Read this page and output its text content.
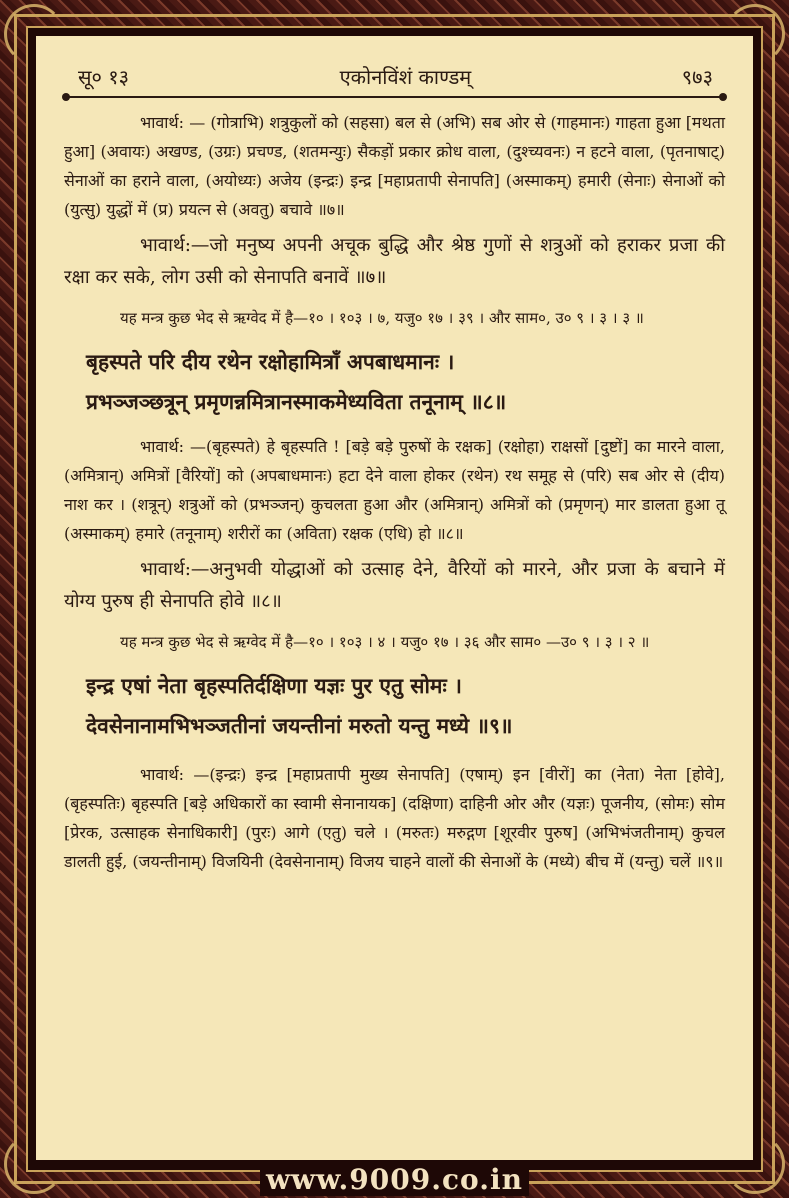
सू० १३	एकोनविंशं काण्डम्	९७३

भावार्थ: — (गोत्राभि) शत्रुकुलों को (सहसा) बल से (अभि) सब ओर से (गाहमानः) गाहता हुआ [मथता हुआ] (अवायः) अखण्ड, (उग्रः) प्रचण्ड, (शतमन्युः) सैकड़ों प्रकार क्रोध वाला, (दुश्च्यवनः) न हटने वाला, (पृतनाषाट्) सेनाओं का हराने वाला, (अयोध्यः) अजेय (इन्द्रः) इन्द्र [महाप्रतापी सेनापति] (अस्माकम्) हमारी (सेनाः) सेनाओं को (युत्सु) युद्धों में (प्र) प्रयत्न से (अवतु) बचावे ॥७॥

भावार्थ:—जो मनुष्य अपनी अचूक बुद्धि और श्रेष्ठ गुणों से शत्रुओं को हराकर प्रजा की रक्षा कर सके, लोग उसी को सेनापति बनावें ॥७॥

यह मन्त्र कुछ भेद से ऋग्वेद में है—१० । १०३ । ७, यजु० १७ । ३९ । और साम०, उ० ९ । ३ । ३ ॥

बृहस्पते परि दीय रथेन रक्षोहामित्राँ अपबाधमानः ।

प्रभञ्जञ्छत्रून् प्रमृणन्नमित्रानस्माकमेध्यविता तनूनाम् ॥८॥

भावार्थ: —(बृहस्पते) हे बृहस्पति ! [बड़े बड़े पुरुषों के रक्षक] (रक्षोहा) राक्षसों [दुष्टों] का मारने वाला, (अमित्रान्) अमित्रों [वैरियों] को (अपबाधमानः) हटा देने वाला होकर (रथेन) रथ समूह से (परि) सब ओर से (दीय) नाश कर । (शत्रून्) शत्रुओं को (प्रभञ्जन्) कुचलता हुआ और (अमित्रान्) अमित्रों को (प्रमृणन्) मार डालता हुआ तू (अस्माकम्) हमारे (तनूनाम्) शरीरों का (अविता) रक्षक (एधि) हो ॥८॥

भावार्थ:—अनुभवी योद्धाओं को उत्साह देने, वैरियों को मारने, और प्रजा के बचाने में योग्य पुरुष ही सेनापति होवे ॥८॥

यह मन्त्र कुछ भेद से ऋग्वेद में है—१० । १०३ । ४ । यजु० १७ । ३६ और साम० —उ० ९ । ३ । २ ॥

इन्द्र एषां नेता बृहस्पतिर्दक्षिणा यज्ञः पुर एतु सोमः ।

देवसेनानामभिभञ्जतीनां जयन्तीनां मरुतो यन्तु मध्ये ॥९॥

भावार्थ: —(इन्द्रः) इन्द्र [महाप्रतापी मुख्य सेनापति] (एषाम्) इन [वीरों] का (नेता) नेता [होवे], (बृहस्पतिः) बृहस्पति [बड़े अधिकारों का स्वामी सेनानायक] (दक्षिणा) दाहिनी ओर और (यज्ञः) पूजनीय, (सोमः) सोम [प्रेरक, उत्साहक सेनाधिकारी] (पुरः) आगे (एतु) चले । (मरुतः) मरुद्गण [शूरवीर पुरुष] (अभिभंजतीनाम्) कुचल डालती हुई, (जयन्तीनाम्) विजयिनी (देवसेनानाम्) विजय चाहने वालों की सेनाओं के (मध्ये) बीच में (यन्तु) चलें ॥९॥

www.9009.co.in
